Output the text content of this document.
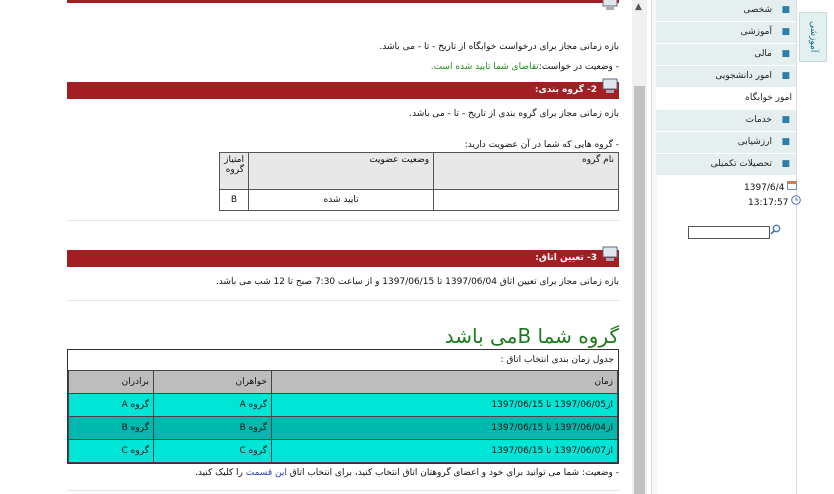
بازه زمانی مجاز برای درخواست خوابگاه از تاریخ - تا - می باشد.
- وضعیت در خواست:تقاضای شما تایید شده است.
2- گروه بندی:
بازه زمانی مجاز برای گروه بندی از تاریخ - تا - می باشد.
- گروه هایی که شما در آن عضویت دارید:
نام گروه	وضعیت عضویت	امتیاز گروه
	تایید شده	B
3- تعیین اتاق:
بازه زمانی مجاز برای تعیین اتاق 1397/06/04 تا 1397/06/15 و از ساعت 7:30 صبح تا 12 شب می باشد.
گروه شما Bمی باشد
جدول زمان بندی انتخاب اتاق :
زمان	خواهران	برادران
از1397/06/05 تا 1397/06/15	گروه A	گروه A
از1397/06/04 تا 1397/06/15	گروه B	گروه B
از1397/06/07 تا 1397/06/15	گروه C	گروه C
- وضعیت: شما می توانید برای خود و اعضای گروهتان اتاق انتخاب کنید، برای انتخاب اتاق این قسمت را کلیک کنید.
▲	■
شخصی
■
آموزشی
■
مالی
■
امور دانشجویی
امور خوابگاه
■
خدمات
■
ارزشیابی
■
تحصیلات تکمیلی
آموزشی
1397/6/4
13:17:57
